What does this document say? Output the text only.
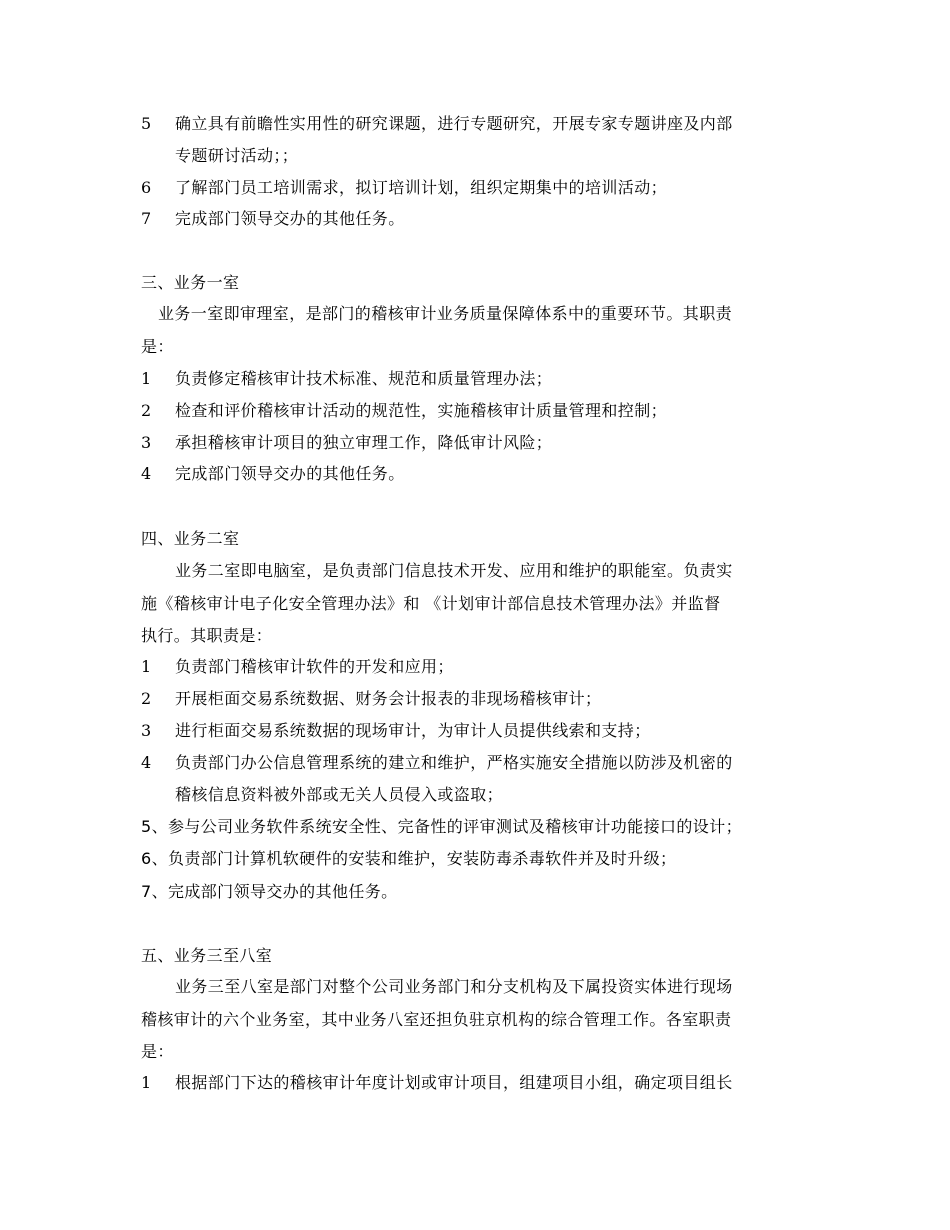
5 确立具有前瞻性实用性的研究课题，进行专题研究，开展专家专题讲座及内部
专题研讨活动；；
6 了解部门员工培训需求，拟订培训计划，组织定期集中的培训活动；
7 完成部门领导交办的其他任务。
三、业务一室
业务一室即审理室，是部门的稽核审计业务质量保障体系中的重要环节。其职责
是：
1 负责修定稽核审计技术标准、规范和质量管理办法；
2 检查和评价稽核审计活动的规范性，实施稽核审计质量管理和控制；
3 承担稽核审计项目的独立审理工作，降低审计风险；
4 完成部门领导交办的其他任务。
四、业务二室
业务二室即电脑室，是负责部门信息技术开发、应用和维护的职能室。负责实
施《稽核审计电子化安全管理办法》和 《计划审计部信息技术管理办法》并监督
执行。其职责是：
1 负责部门稽核审计软件的开发和应用；
2 开展柜面交易系统数据、财务会计报表的非现场稽核审计；
3 进行柜面交易系统数据的现场审计，为审计人员提供线索和支持；
4 负责部门办公信息管理系统的建立和维护，严格实施安全措施以防涉及机密的
稽核信息资料被外部或无关人员侵入或盗取；
5、参与公司业务软件系统安全性、完备性的评审测试及稽核审计功能接口的设计；
6、负责部门计算机软硬件的安装和维护，安装防毒杀毒软件并及时升级；
7、完成部门领导交办的其他任务。
五、业务三至八室
业务三至八室是部门对整个公司业务部门和分支机构及下属投资实体进行现场
稽核审计的六个业务室，其中业务八室还担负驻京机构的综合管理工作。各室职责
是：
1 根据部门下达的稽核审计年度计划或审计项目，组建项目小组，确定项目组长
